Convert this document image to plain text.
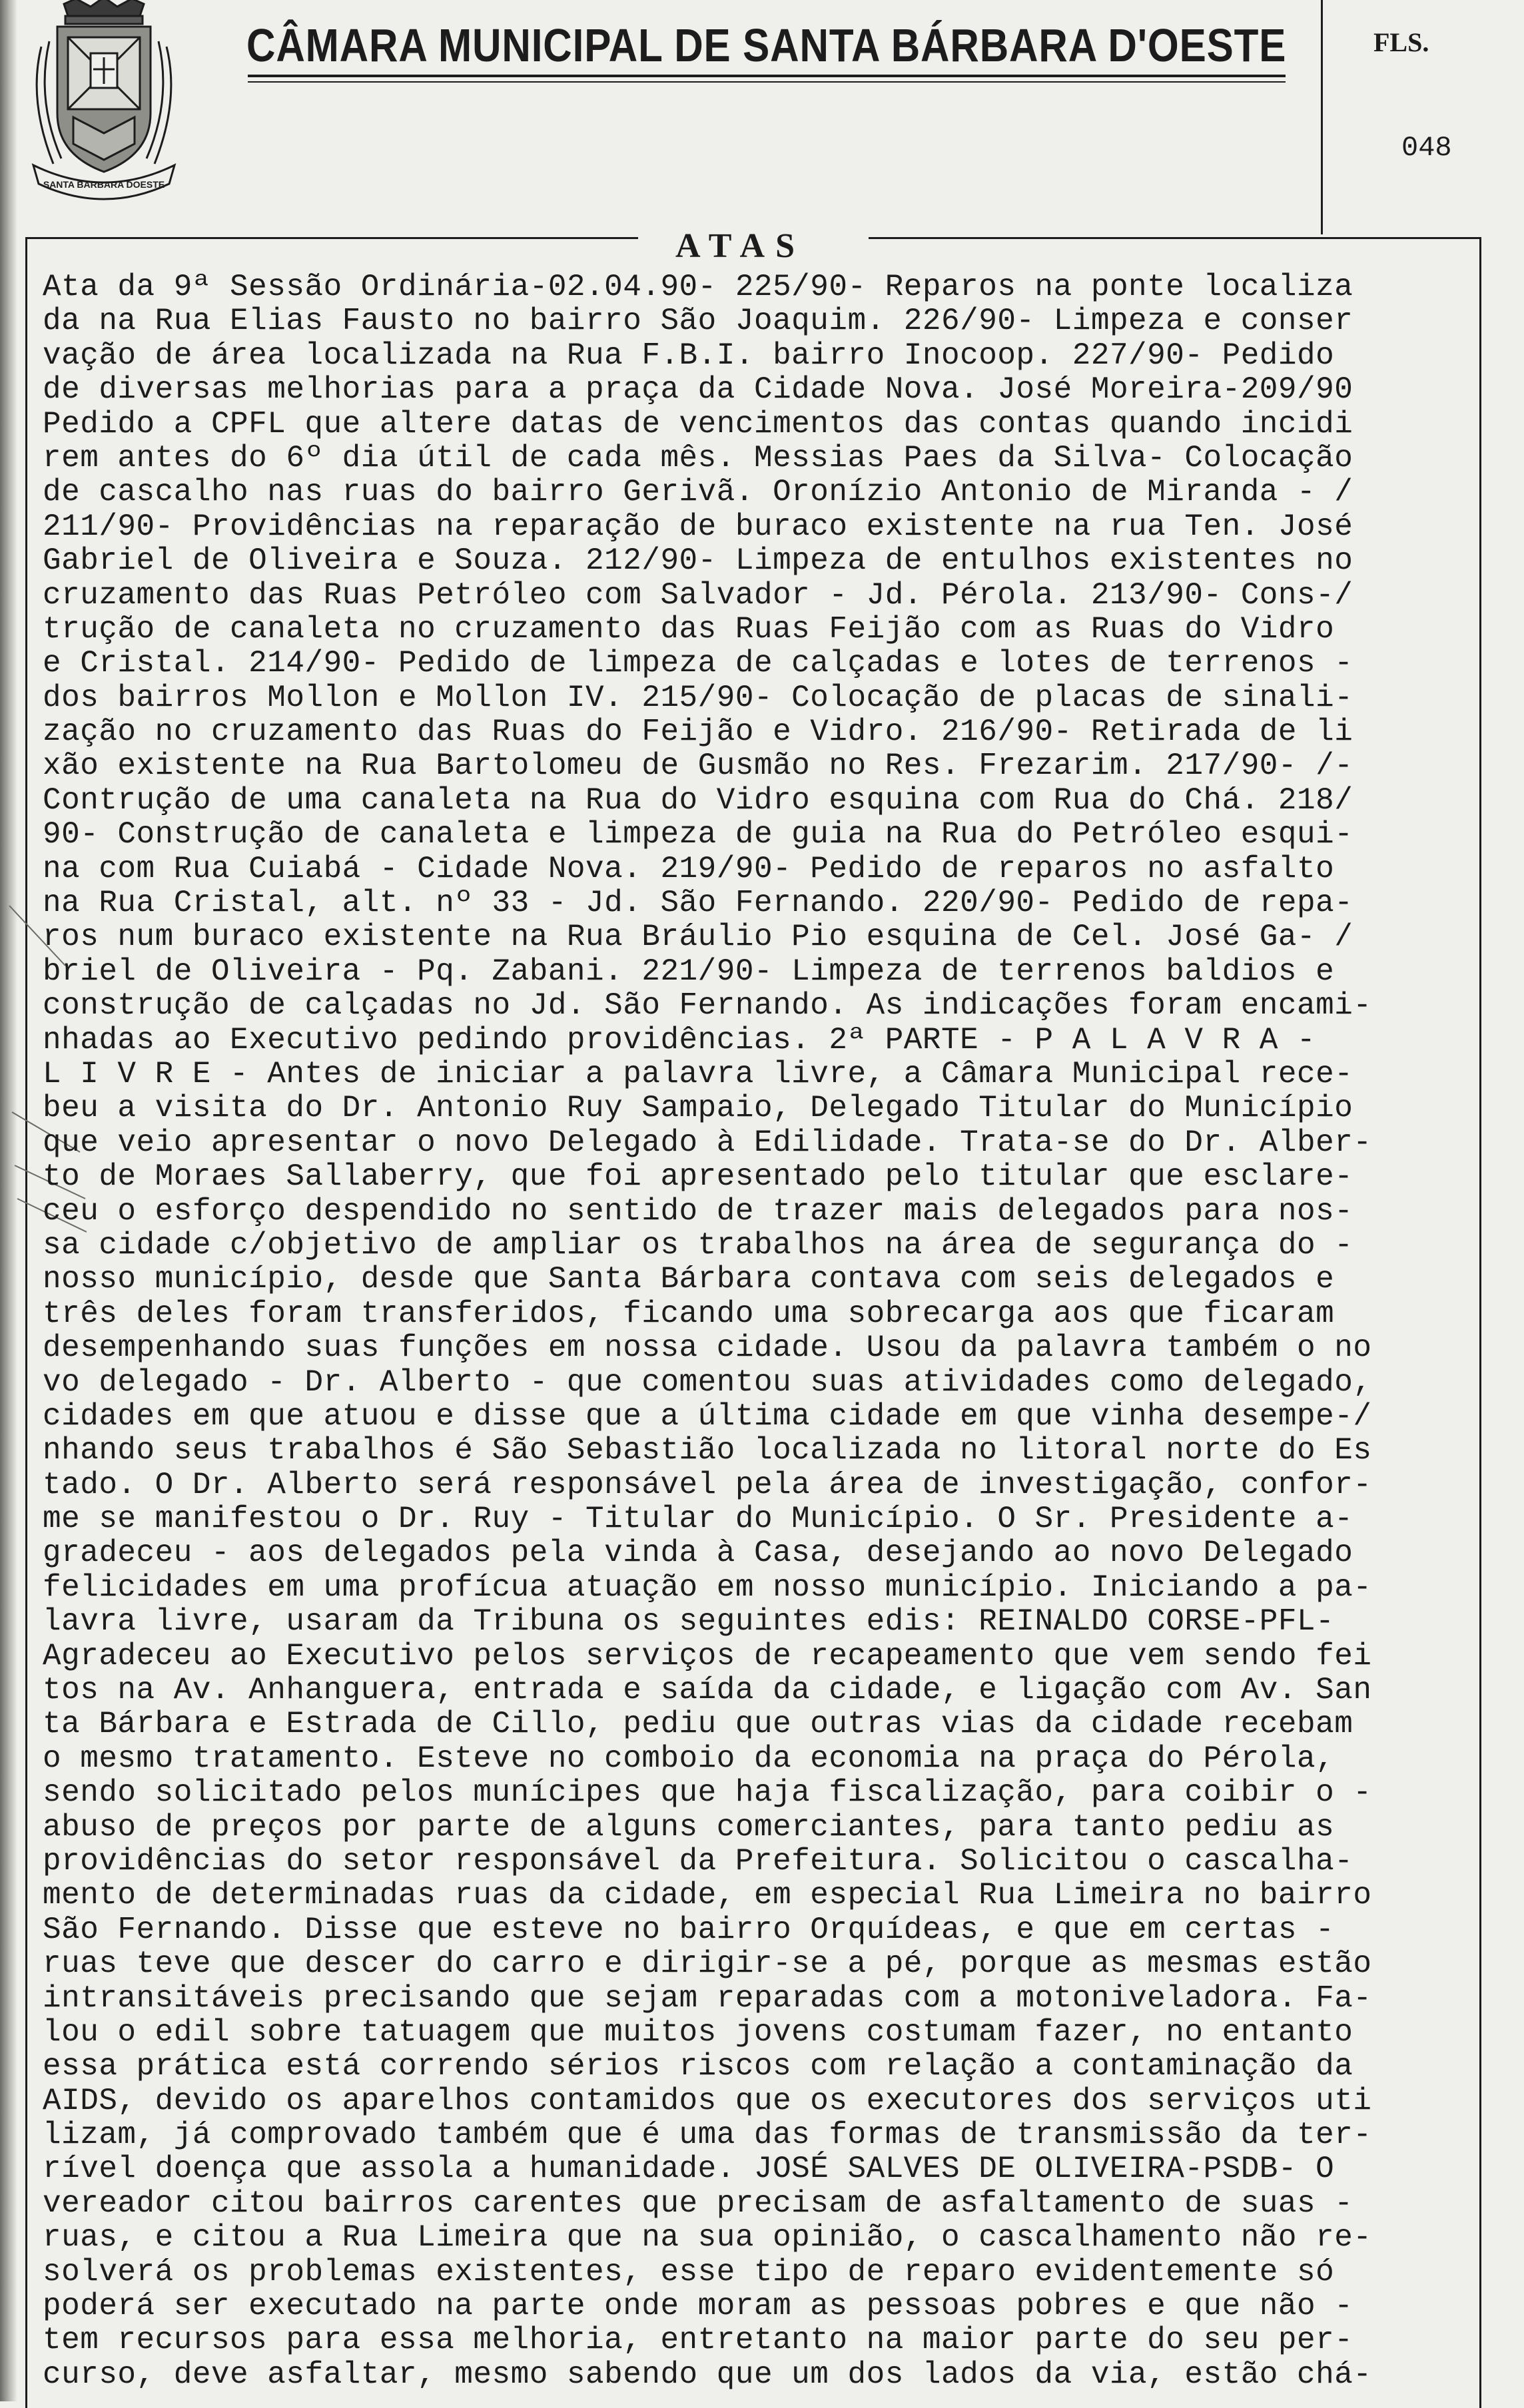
SANTA BARBARA DOESTE
CÂMARA MUNICIPAL DE SANTA BÁRBARA D'OESTE	FLS.
048
ATAS
Ata da 9ª Sessão Ordinária-02.04.90- 225/90- Reparos na ponte localiza
da na Rua Elias Fausto no bairro São Joaquim. 226/90- Limpeza e conser
vação de área localizada na Rua F.B.I. bairro Inocoop. 227/90- Pedido
de diversas melhorias para a praça da Cidade Nova. José Moreira-209/90
Pedido a CPFL que altere datas de vencimentos das contas quando incidi
rem antes do 6º dia útil de cada mês. Messias Paes da Silva- Colocação
de cascalho nas ruas do bairro Gerivã. Oronízio Antonio de Miranda - /
211/90- Providências na reparação de buraco existente na rua Ten. José
Gabriel de Oliveira e Souza. 212/90- Limpeza de entulhos existentes no
cruzamento das Ruas Petróleo com Salvador - Jd. Pérola. 213/90- Cons-/
trução de canaleta no cruzamento das Ruas Feijão com as Ruas do Vidro
e Cristal. 214/90- Pedido de limpeza de calçadas e lotes de terrenos -
dos bairros Mollon e Mollon IV. 215/90- Colocação de placas de sinali-
zação no cruzamento das Ruas do Feijão e Vidro. 216/90- Retirada de li
xão existente na Rua Bartolomeu de Gusmão no Res. Frezarim. 217/90- /-
Contrução de uma canaleta na Rua do Vidro esquina com Rua do Chá. 218/
90- Construção de canaleta e limpeza de guia na Rua do Petróleo esqui-
na com Rua Cuiabá - Cidade Nova. 219/90- Pedido de reparos no asfalto
na Rua Cristal, alt. nº 33 - Jd. São Fernando. 220/90- Pedido de repa-
ros num buraco existente na Rua Bráulio Pio esquina de Cel. José Ga- /
briel de Oliveira - Pq. Zabani. 221/90- Limpeza de terrenos baldios e
construção de calçadas no Jd. São Fernando. As indicações foram encami-
nhadas ao Executivo pedindo providências. 2ª PARTE - P A L A V R A -
L I V R E - Antes de iniciar a palavra livre, a Câmara Municipal rece-
beu a visita do Dr. Antonio Ruy Sampaio, Delegado Titular do Município
que veio apresentar o novo Delegado à Edilidade. Trata-se do Dr. Alber-
to de Moraes Sallaberry, que foi apresentado pelo titular que esclare-
ceu o esforço despendido no sentido de trazer mais delegados para nos-
sa cidade c/objetivo de ampliar os trabalhos na área de segurança do -
nosso município, desde que Santa Bárbara contava com seis delegados e
três deles foram transferidos, ficando uma sobrecarga aos que ficaram
desempenhando suas funções em nossa cidade. Usou da palavra também o no
vo delegado - Dr. Alberto - que comentou suas atividades como delegado,
cidades em que atuou e disse que a última cidade em que vinha desempe-/
nhando seus trabalhos é São Sebastião localizada no litoral norte do Es
tado. O Dr. Alberto será responsável pela área de investigação, confor-
me se manifestou o Dr. Ruy - Titular do Município. O Sr. Presidente a-
gradeceu - aos delegados pela vinda à Casa, desejando ao novo Delegado
felicidades em uma profícua atuação em nosso município. Iniciando a pa-
lavra livre, usaram da Tribuna os seguintes edis: REINALDO CORSE-PFL-
Agradeceu ao Executivo pelos serviços de recapeamento que vem sendo fei
tos na Av. Anhanguera, entrada e saída da cidade, e ligação com Av. San
ta Bárbara e Estrada de Cillo, pediu que outras vias da cidade recebam
o mesmo tratamento. Esteve no comboio da economia na praça do Pérola,
sendo solicitado pelos munícipes que haja fiscalização, para coibir o -
abuso de preços por parte de alguns comerciantes, para tanto pediu as
providências do setor responsável da Prefeitura. Solicitou o cascalha-
mento de determinadas ruas da cidade, em especial Rua Limeira no bairro
São Fernando. Disse que esteve no bairro Orquídeas, e que em certas -
ruas teve que descer do carro e dirigir-se a pé, porque as mesmas estão
intransitáveis precisando que sejam reparadas com a motoniveladora. Fa-
lou o edil sobre tatuagem que muitos jovens costumam fazer, no entanto
essa prática está correndo sérios riscos com relação a contaminação da
AIDS, devido os aparelhos contamidos que os executores dos serviços uti
lizam, já comprovado também que é uma das formas de transmissão da ter-
rível doença que assola a humanidade. JOSÉ SALVES DE OLIVEIRA-PSDB- O
vereador citou bairros carentes que precisam de asfaltamento de suas -
ruas, e citou a Rua Limeira que na sua opinião, o cascalhamento não re-
solverá os problemas existentes, esse tipo de reparo evidentemente só
poderá ser executado na parte onde moram as pessoas pobres e que não -
tem recursos para essa melhoria, entretanto na maior parte do seu per-
curso, deve asfaltar, mesmo sabendo que um dos lados da via, estão chá-
